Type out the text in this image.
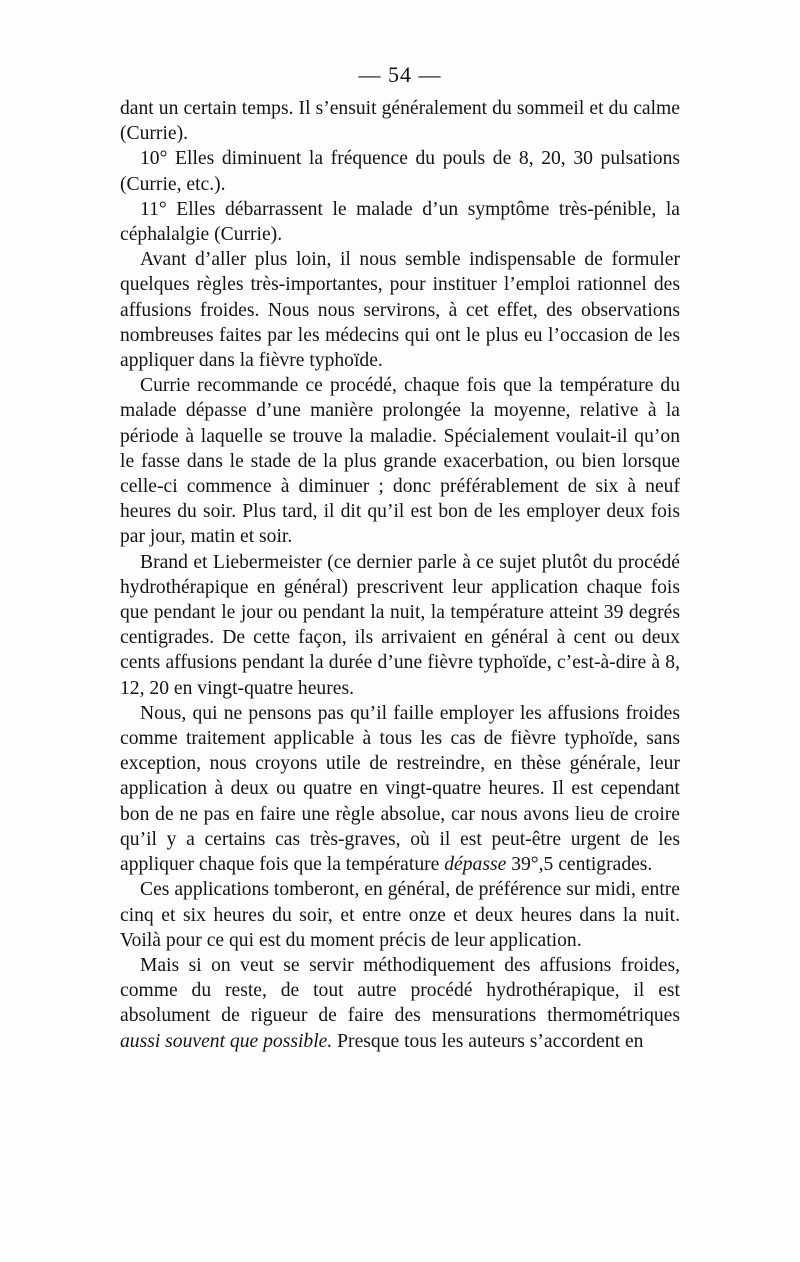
— 54 —

dant un certain temps. Il s’ensuit généralement du sommeil et du calme (Currie).

10° Elles diminuent la fréquence du pouls de 8, 20, 30 pulsations (Currie, etc.).

11° Elles débarrassent le malade d’un symptôme très-pénible, la céphalalgie (Currie).

Avant d’aller plus loin, il nous semble indispensable de formuler quelques règles très-importantes, pour instituer l’emploi rationnel des affusions froides. Nous nous servirons, à cet effet, des observations nombreuses faites par les médecins qui ont le plus eu l’occasion de les appliquer dans la fièvre typhoïde.

Currie recommande ce procédé, chaque fois que la température du malade dépasse d’une manière prolongée la moyenne, relative à la période à laquelle se trouve la maladie. Spécialement voulait-il qu’on le fasse dans le stade de la plus grande exacerbation, ou bien lorsque celle-ci commence à diminuer ; donc préférablement de six à neuf heures du soir. Plus tard, il dit qu’il est bon de les employer deux fois par jour, matin et soir.

Brand et Liebermeister (ce dernier parle à ce sujet plutôt du procédé hydrothérapique en général) prescrivent leur application chaque fois que pendant le jour ou pendant la nuit, la température atteint 39 degrés centigrades. De cette façon, ils arrivaient en général à cent ou deux cents affusions pendant la durée d’une fièvre typhoïde, c’est-à-dire à 8, 12, 20 en vingt-quatre heures.

Nous, qui ne pensons pas qu’il faille employer les affusions froides comme traitement applicable à tous les cas de fièvre typhoïde, sans exception, nous croyons utile de restreindre, en thèse générale, leur application à deux ou quatre en vingt-quatre heures. Il est cependant bon de ne pas en faire une règle absolue, car nous avons lieu de croire qu’il y a certains cas très-graves, où il est peut-être urgent de les appliquer chaque fois que la température dépasse 39°,5 centigrades.

Ces applications tomberont, en général, de préférence sur midi, entre cinq et six heures du soir, et entre onze et deux heures dans la nuit. Voilà pour ce qui est du moment précis de leur application.

Mais si on veut se servir méthodiquement des affusions froides, comme du reste, de tout autre procédé hydrothérapique, il est absolument de rigueur de faire des mensurations thermométriques aussi souvent que possible. Presque tous les auteurs s’accordent en
